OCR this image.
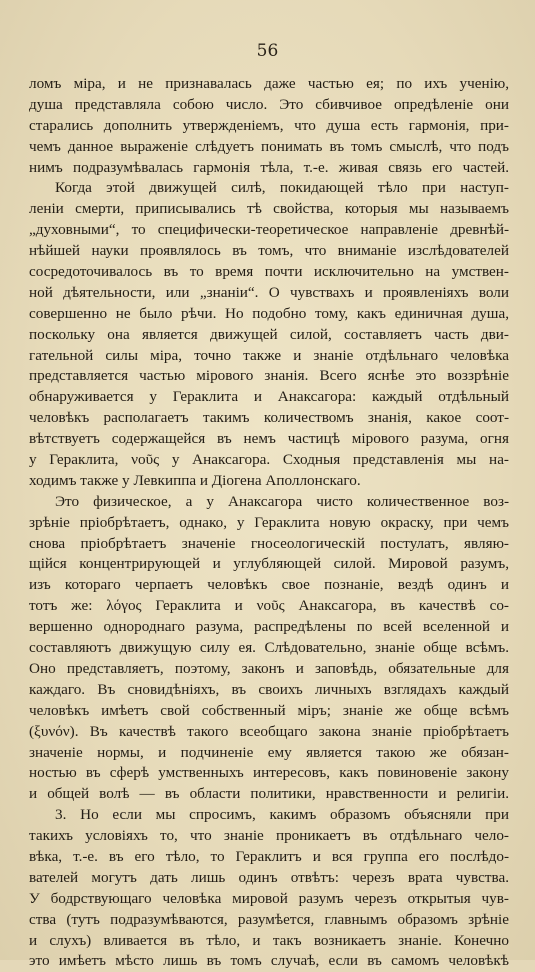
56
ломъ міра, и не признавалась даже частью ея; по ихъ ученію,
душа представляла собою число. Это сбивчивое опредѣленіе они
старались дополнить утвержденіемъ, что душа есть гармонія, при-
чемъ данное выраженіе слѣдуетъ понимать въ томъ смыслѣ, что подъ
нимъ подразумѣвалась гармонія тѣла, т.-е. живая связь его частей.
Когда этой движущей силѣ, покидающей тѣло при наступ-
леніи смерти, приписывались тѣ свойства, которыя мы называемъ
„духовными“, то специфически-теоретическое направленіе древнѣй-
нѣйшей науки проявлялось въ томъ, что вниманіе изслѣдователей
сосредоточивалось въ то время почти исключительно на умствен-
ной дѣятельности, или „знаніи“. О чувствахъ и проявленіяхъ воли
совершенно не было рѣчи. Но подобно тому, какъ единичная душа,
поскольку она является движущей силой, составляетъ часть дви-
гательной силы міра, точно также и знаніе отдѣльнаго человѣка
представляется частью мірового знанія. Всего яснѣе это воззрѣніе
обнаруживается у Гераклита и Анаксагора: каждый отдѣльный
человѣкъ располагаетъ такимъ количествомъ знанія, какое соот-
вѣтствуетъ содержащейся въ немъ частицѣ мірового разума, огня
у Гераклита, νοῦς у Анаксагора. Сходныя представленія мы на-
ходимъ также у Левкиппа и Діогена Аполлонскаго.
Это физическое, а у Анаксагора чисто количественное воз-
зрѣніе пріобрѣтаетъ, однако, у Гераклита новую окраску, при чемъ
снова пріобрѣтаетъ значеніе гносеологическій постулатъ, являю-
щійся концентрирующей и углубляющей силой. Мировой разумъ,
изъ котораго черпаетъ человѣкъ свое познаніе, вездѣ одинъ и
тотъ же: λόγος Гераклита и νοῦς Анаксагора, въ качествѣ со-
вершенно однороднаго разума, распредѣлены по всей вселенной и
составляютъ движущую силу ея. Слѣдовательно, знаніе обще всѣмъ.
Оно представляетъ, поэтому, законъ и заповѣдь, обязательные для
каждаго. Въ сновидѣніяхъ, въ своихъ личныхъ взглядахъ каждый
человѣкъ имѣетъ свой собственный міръ; знаніе же обще всѣмъ
(ξυνόν). Въ качествѣ такого всеобщаго закона знаніе пріобрѣтаетъ
значеніе нормы, и подчиненіе ему является такою же обязан-
ностью въ сферѣ умственныхъ интересовъ, какъ повиновеніе закону
и общей волѣ — въ области политики, нравственности и религіи.
3. Но если мы спросимъ, какимъ образомъ объясняли при
такихъ условіяхъ то, что знаніе проникаетъ въ отдѣльнаго чело-
вѣка, т.-е. въ его тѣло, то Гераклитъ и вся группа его послѣдо-
вателей могутъ дать лишь одинъ отвѣтъ: черезъ врата чувства.
У бодрствующаго человѣка мировой разумъ черезъ открытыя чув-
ства (тутъ подразумѣваются, разумѣется, главнымъ образомъ зрѣніе
и слухъ) вливается въ тѣло, и такъ возникаетъ знаніе. Конечно
это имѣетъ мѣсто лишь въ томъ случаѣ, если въ самомъ человѣкѣ
